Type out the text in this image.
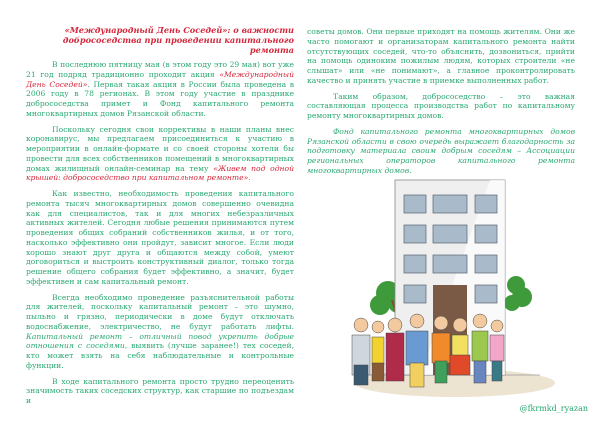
«Международный День Соседей»: о важности
добрососедства при проведении капитального ремонта

В последнюю пятницу мая (в этом году это 29 мая) вот уже 21 год подряд традиционно проходит акция «Международный День Соседей». Первая такая акция в России была проведена в 2006 году в 78 регионах. В этом году участие в празднике добрососедства примет и Фонд капитального ремонта многоквартирных домов Рязанской области.

Поскольку сегодня свои коррективы в наши планы внес коронавирус, мы предлагаем присоединиться к участию в мероприятии в онлайн-формате и со своей стороны хотели бы провести для всех собственников помещений в многоквартирных домах жилищный онлайн-семинар на тему «Живем под одной крышей: добрососедство при капитальном ремонте».

Как известно, необходимость проведения капитального ремонта тысяч многоквартирных домов совершенно очевидна как для специалистов, так и для многих небезразличных активных жителей. Сегодня любые решения принимаются путем проведения общих собраний собственников жилья, и от того, насколько эффективно они пройдут, зависит многое. Если люди хорошо знают друг друга и общаются между собой, умеют договориться и выстроить конструктивный диалог, только тогда решение общего собрания будет эффективно, а значит, будет эффективен и сам капитальный ремонт.

Всегда необходимо проведение разъяснительной работы для жителей, поскольку капитальный ремонт – это шумно, пыльно и грязно, периодически в доме будут отключать водоснабжение, электричество, не будут работать лифты. Капитальный ремонт – отличный повод укрепить добрые отношения с соседями, выявить (лучше заранее!) тех соседей, кто может взять на себя наблюдательные и контрольные функции.

В ходе капитального ремонта просто трудно переоценить значимость таких соседских структур, как старшие по подъездам и

советы домов. Они первые приходят на помощь жителям. Они же часто помогают и организаторам капитального ремонта найти отсутствующих соседей, что-то объяснить, дозвониться, прийти на помощь одиноким пожилым людям, которых строители «не слышат» или «не понимают», а главное проконтролировать качество и принять участие в приемке выполненных работ.

Таким образом, добрососедство – это важная составляющая процесса производства работ по капитальному ремонту многоквартирных домов.

Фонд капитального ремонта многоквартирных домов Рязанской области в свою очередь выражает благодарность за подготовку материала своим добрым соседям – Ассоциации региональных операторов капитального ремонта многоквартирных домов.

@fkrmkd_ryazan
